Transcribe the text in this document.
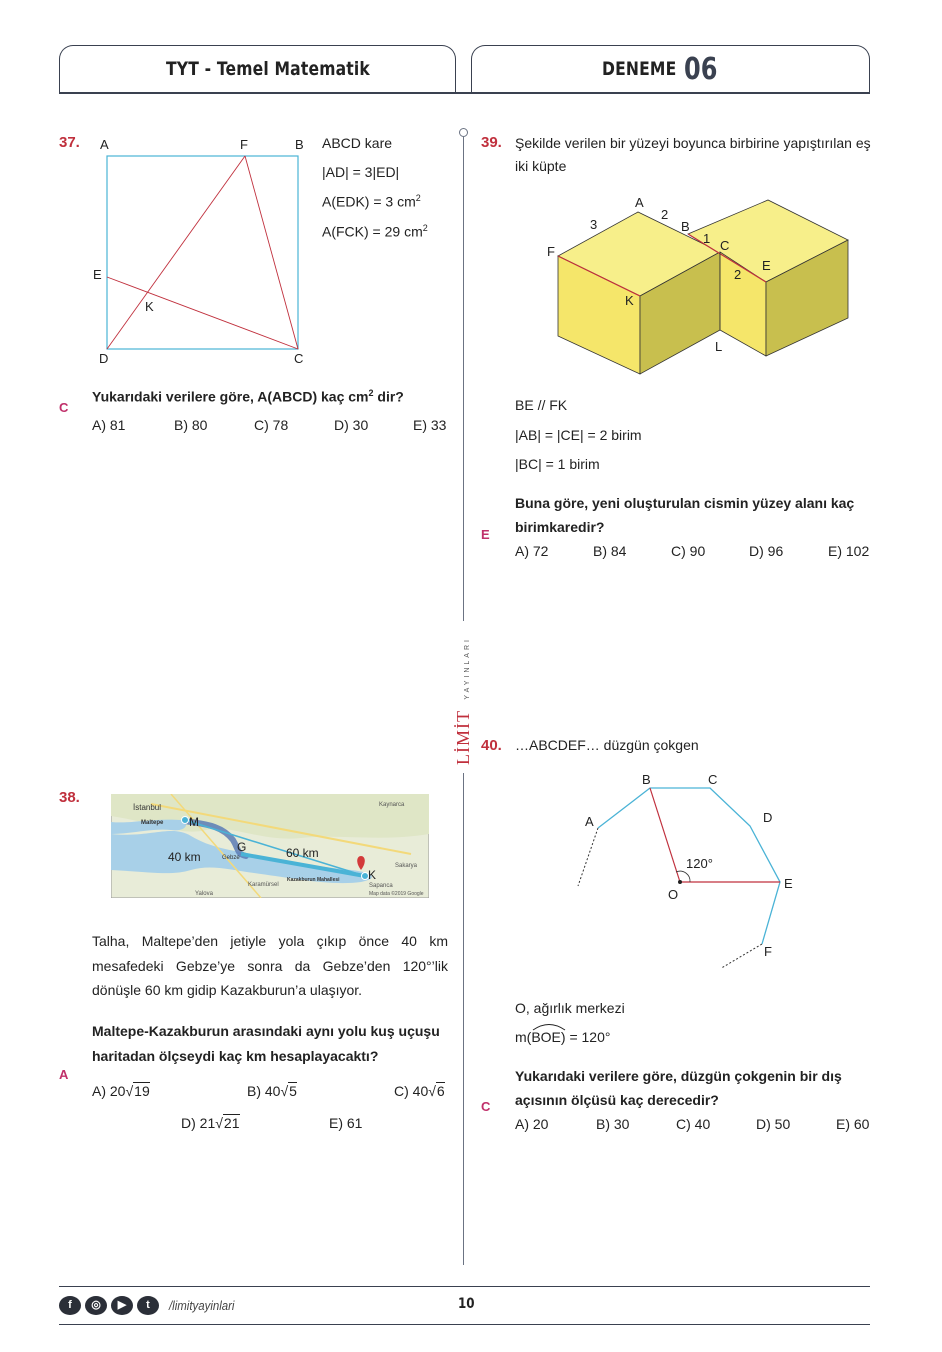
TYT - Temel Matematik	DENEME 06
LİMİT YAYINLARI
37. A	F	B
E
K
D	C
ABCD kare
|AD| = 3|ED|
A(EDK) = 3 $cm^2$
A(FCK) = 29 $cm^2$
Yukarıdaki verilere göre, A(ABCD) kaç $cm^2$ dir?
C
A) 81	B) 80	C) 78	D) 30	E) 33
38.
İstanbul
Maltepe M
G
Gebze
40 km	60 km
K
Kazakburun Mahallesi
Kaynarca
Sakarya
Sapanca
Yalova
Karamürsel
Map data ©2019 Google
Talha, Maltepe’den jetiyle yola çıkıp önce 40 km mesafedeki Gebze’ye sonra da Gebze’den 120°’lik dönüşle 60 km gidip Kazakburun’a ulaşıyor.
Maltepe-Kazakburun arasındaki aynı yolu kuş uçuşu haritadan ölçseydi kaç km hesaplayacaktı?
A
A) 20√19	B) 40√5	C) 40√6
D) 21√21	E) 61
39. Şekilde verilen bir yüzeyi boyunca birbirine yapıştırılan eş iki küpte
A
3
2
B
1 C
2
E
F
K
L
BE // FK
|AB| = |CE| = 2 birim
|BC| = 1 birim
Buna göre, yeni oluşturulan cismin yüzey alanı kaç birimkaredir?
E
A) 72	B) 84	C) 90	D) 96	E) 102
40. …ABCDEF… düzgün çokgen
A
B	C
D
E
F
O
120°
O, ağırlık merkezi
m(BOE) = 120°
Yukarıdaki verilere göre, düzgün çokgenin bir dış açısının ölçüsü kaç derecedir?
C
A) 20	B) 30	C) 40	D) 50	E) 60
f	◎	▶	t	/limityayinlari	10
